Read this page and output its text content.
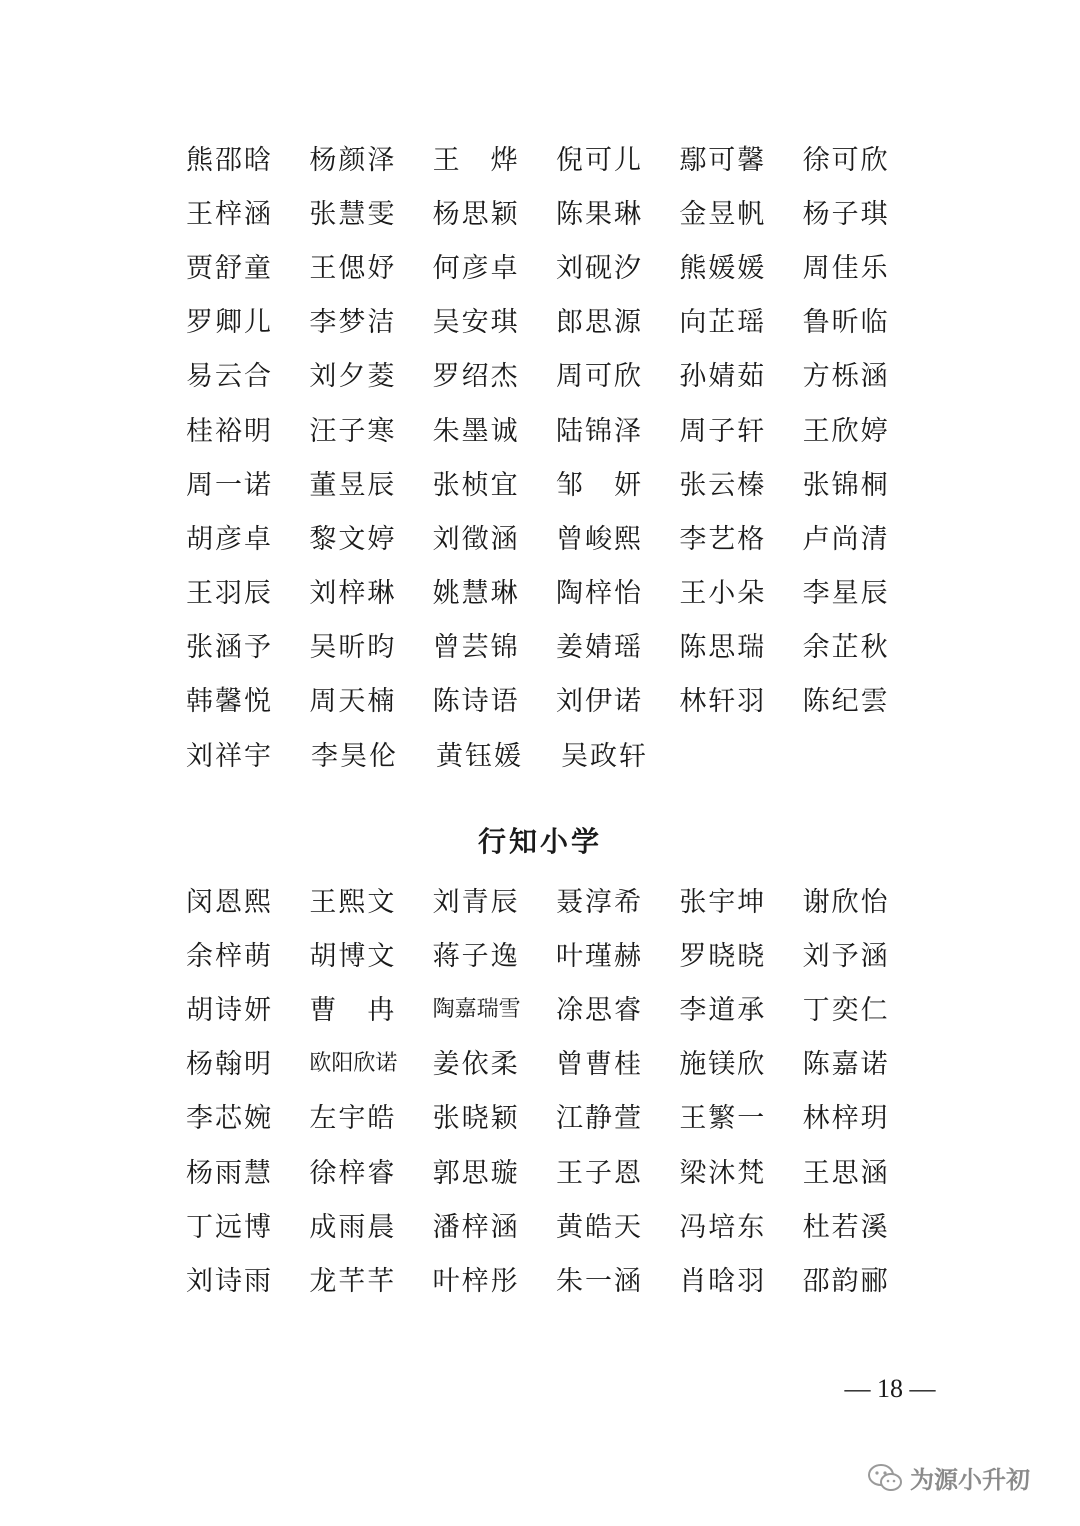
熊邵晗	杨颜泽	王　烨	倪可儿	鄢可馨	徐可欣
王梓涵	张慧雯	杨思颖	陈果琳	金昱帆	杨子琪
贾舒童	王偲妤	何彦卓	刘砚汐	熊媛媛	周佳乐
罗卿儿	李梦洁	吴安琪	郎思源	向芷瑶	鲁昕临
易云合	刘夕菱	罗绍杰	周可欣	孙婧茹	方栎涵
桂裕明	汪子寒	朱墨诚	陆锦泽	周子轩	王欣婷
周一诺	董昱辰	张桢宜	邹　妍	张云榛	张锦桐
胡彦卓	黎文婷	刘徵涵	曾峻熙	李艺格	卢尚清
王羽辰	刘梓琳	姚慧琳	陶梓怡	王小朵	李星辰
张涵予	吴昕昀	曾芸锦	姜婧瑶	陈思瑞	余芷秋
韩馨悦	周天楠	陈诗语	刘伊诺	林轩羽	陈纪雲
刘祥宇	李昊伦	黄钰媛	吴政轩
行知小学
闵恩熙	王熙文	刘青辰	聂淳希	张宇坤	谢欣怡
余梓萌	胡博文	蒋子逸	叶瑾赫	罗晓晓	刘予涵
胡诗妍	曹　冉	陶嘉瑞雪	凃思睿	李道承	丁奕仁
杨翰明	欧阳欣诺	姜依柔	曾曹桂	施镁欣	陈嘉诺
李芯婉	左宇皓	张晓颖	江静萱	王繁一	林梓玥
杨雨慧	徐梓睿	郭思璇	王子恩	梁沐梵	王思涵
丁远博	成雨晨	潘梓涵	黄皓天	冯培东	杜若溪
刘诗雨	龙芊芊	叶梓彤	朱一涵	肖晗羽	邵韵郦
— 18 —
为源小升初
